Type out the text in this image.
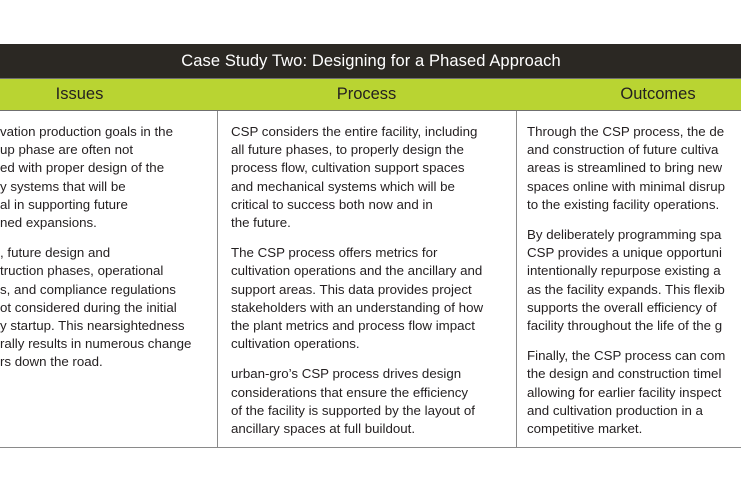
Case Study Two: Designing for a Phased Approach
Issues	Process	Outcomes

vation production goals in the
up phase are often not
ed with proper design of the
y systems that will be
al in supporting future
ned expansions.

, future design and
truction phases, operational
s, and compliance regulations
ot considered during the initial
y startup. This nearsightedness
rally results in numerous change
rs down the road.

CSP considers the entire facility, including
all future phases, to properly design the
process flow, cultivation support spaces
and mechanical systems which will be
critical to success both now and in
the future.

The CSP process offers metrics for
cultivation operations and the ancillary and
support areas. This data provides project
stakeholders with an understanding of how
the plant metrics and process flow impact
cultivation operations.

urban-gro’s CSP process drives design
considerations that ensure the efficiency
of the facility is supported by the layout of
ancillary spaces at full buildout.

Through the CSP process, the de
and construction of future cultiva
areas is streamlined to bring new
spaces online with minimal disrup
to the existing facility operations.

By deliberately programming spa
CSP provides a unique opportuni
intentionally repurpose existing a
as the facility expands. This flexib
supports the overall efficiency of
facility throughout the life of the g

Finally, the CSP process can com
the design and construction timel
allowing for earlier facility inspect
and cultivation production in a
competitive market.
